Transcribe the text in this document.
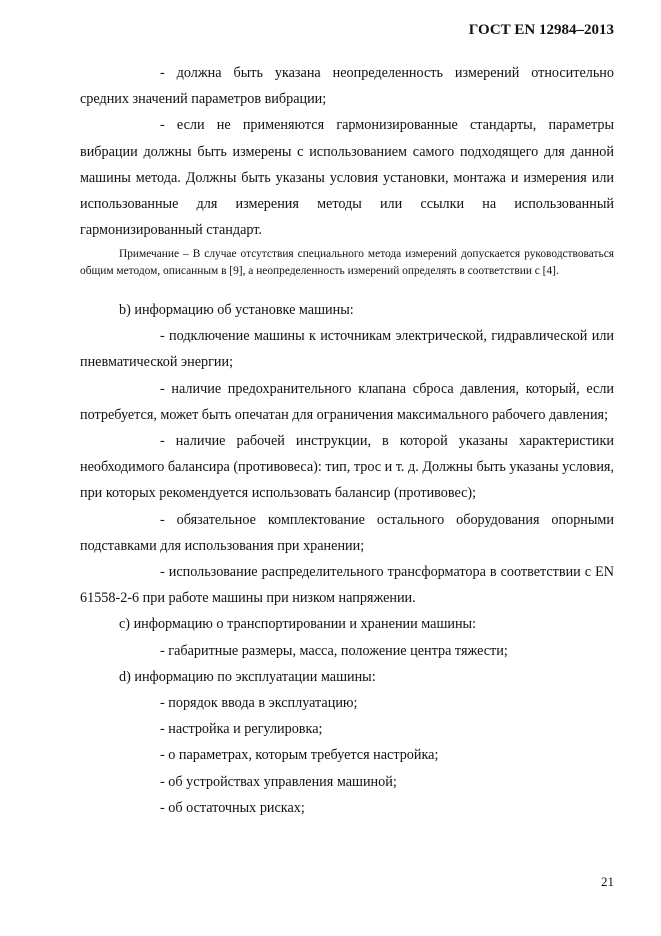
ГОСТ EN 12984–2013

- должна быть указана неопределенность измерений относительно средних значений параметров вибрации;

- если не применяются гармонизированные стандарты, параметры вибрации должны быть измерены с использованием самого подходящего для данной машины метода. Должны быть указаны условия установки, монтажа и измерения или использованные для измерения методы или ссылки на использованный гармонизированный стандарт.

Примечание – В случае отсутствия специального метода измерений допускается руководствоваться общим методом, описанным в [9], а неопределенность измерений определять в соответствии с [4].

b) информацию об установке машины:

- подключение машины к источникам электрической, гидравлической или пневматической энергии;

- наличие предохранительного клапана сброса давления, который, если потребуется, может быть опечатан для ограничения максимального рабочего давления;

- наличие рабочей инструкции, в которой указаны характеристики необходимого балансира (противовеса): тип, трос и т. д. Должны быть указаны условия, при которых рекомендуется использовать балансир (противовес);

- обязательное комплектование остального оборудования опорными подставками для использования при хранении;

- использование распределительного трансформатора в соответствии с EN 61558-2-6 при работе машины при низком напряжении.

c) информацию о транспортировании и хранении машины:

- габаритные размеры, масса, положение центра тяжести;

d) информацию по эксплуатации машины:

- порядок ввода в эксплуатацию;

- настройка и регулировка;

- о параметрах, которым требуется настройка;

- об устройствах управления машиной;

- об остаточных рисках;

21
